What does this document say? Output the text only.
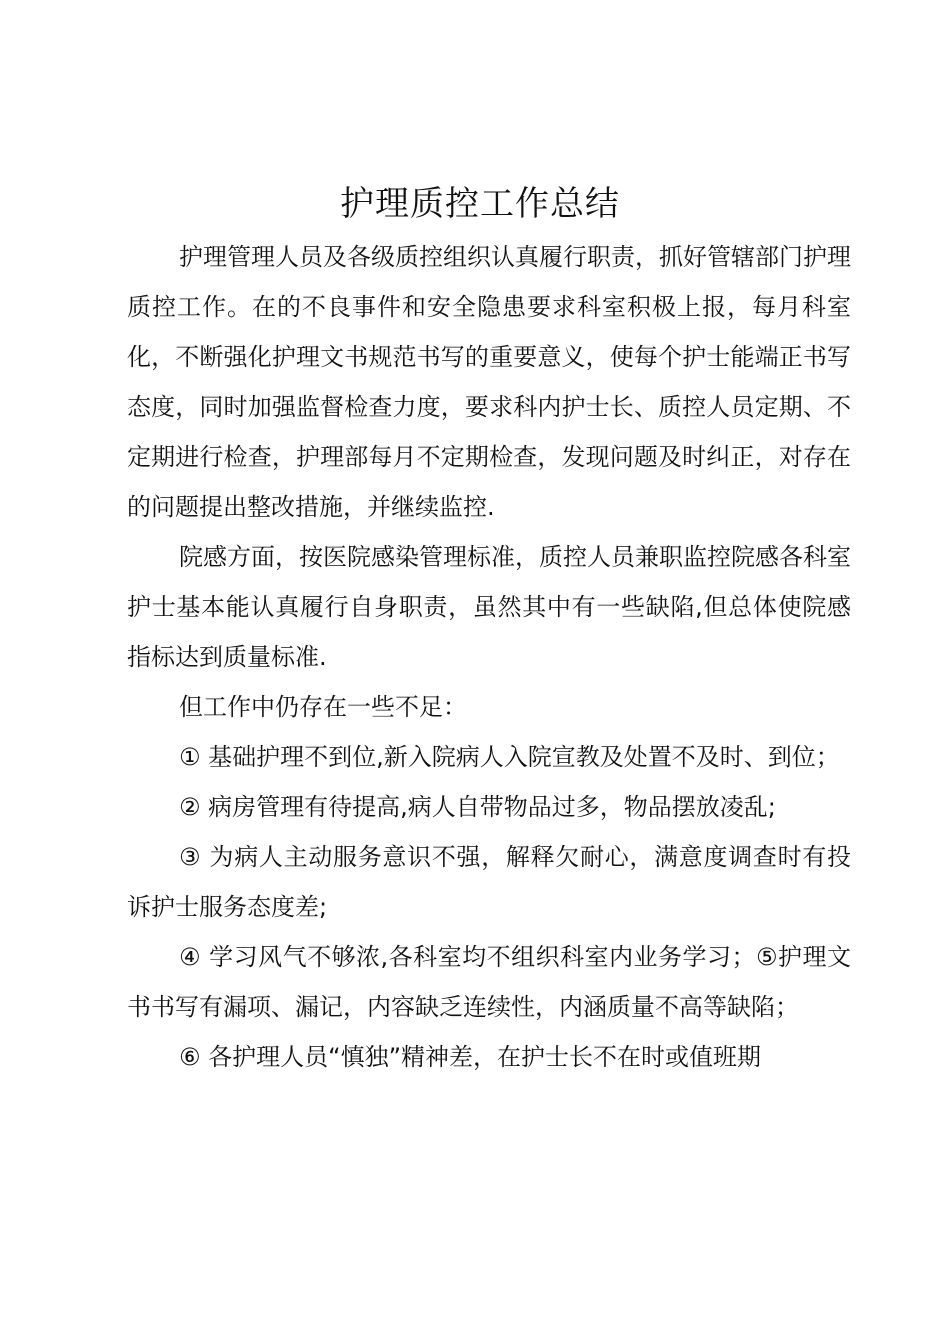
护理质控工作总结

护理管理人员及各级质控组织认真履行职责，抓好管辖部门护理质控工作。在的不良事件和安全隐患要求科室积极上报，每月科室化，不断强化护理文书规范书写的重要意义，使每个护士能端正书写态度，同时加强监督检查力度，要求科内护士长、质控人员定期、不定期进行检查，护理部每月不定期检查，发现问题及时纠正，对存在的问题提出整改措施，并继续监控.

院感方面，按医院感染管理标准，质控人员兼职监控院感各科室护士基本能认真履行自身职责，虽然其中有一些缺陷,但总体使院感指标达到质量标准.

但工作中仍存在一些不足：

① 基础护理不到位,新入院病人入院宣教及处置不及时、到位；

② 病房管理有待提高,病人自带物品过多，物品摆放凌乱;

③ 为病人主动服务意识不强，解释欠耐心，满意度调查时有投诉护士服务态度差;

④ 学习风气不够浓,各科室均不组织科室内业务学习；⑤护理文书书写有漏项、漏记，内容缺乏连续性，内涵质量不高等缺陷；

⑥ 各护理人员“慎独”精神差，在护士长不在时或值班期
